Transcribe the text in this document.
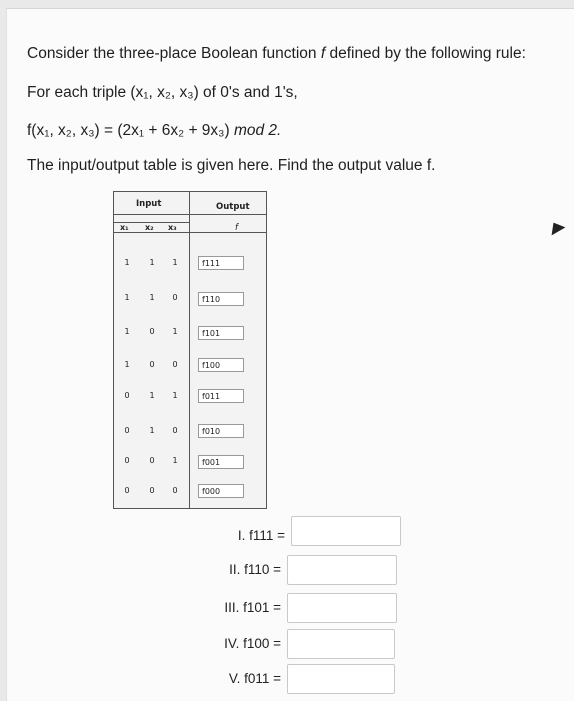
Consider the three-place Boolean function f defined by the following rule:
For each triple (x₁, x₂, x₃) of 0's and 1's,
f(x₁, x₂, x₃) = (2x₁ + 6x₂ + 9x₃) mod 2.
The input/output table is given here. Find the output value f.
Input	Output
x₁ x₂ x₃	f
1	1	1	f111
1	1	0	f110
1	0	1	f101
1	0	0	f100
0	1	1	f011
0	1	0	f010
0	0	1	f001
0	0	0	f000
I. f111 =
II. f110 =
III. f101 =
IV. f100 =
V. f011 =
